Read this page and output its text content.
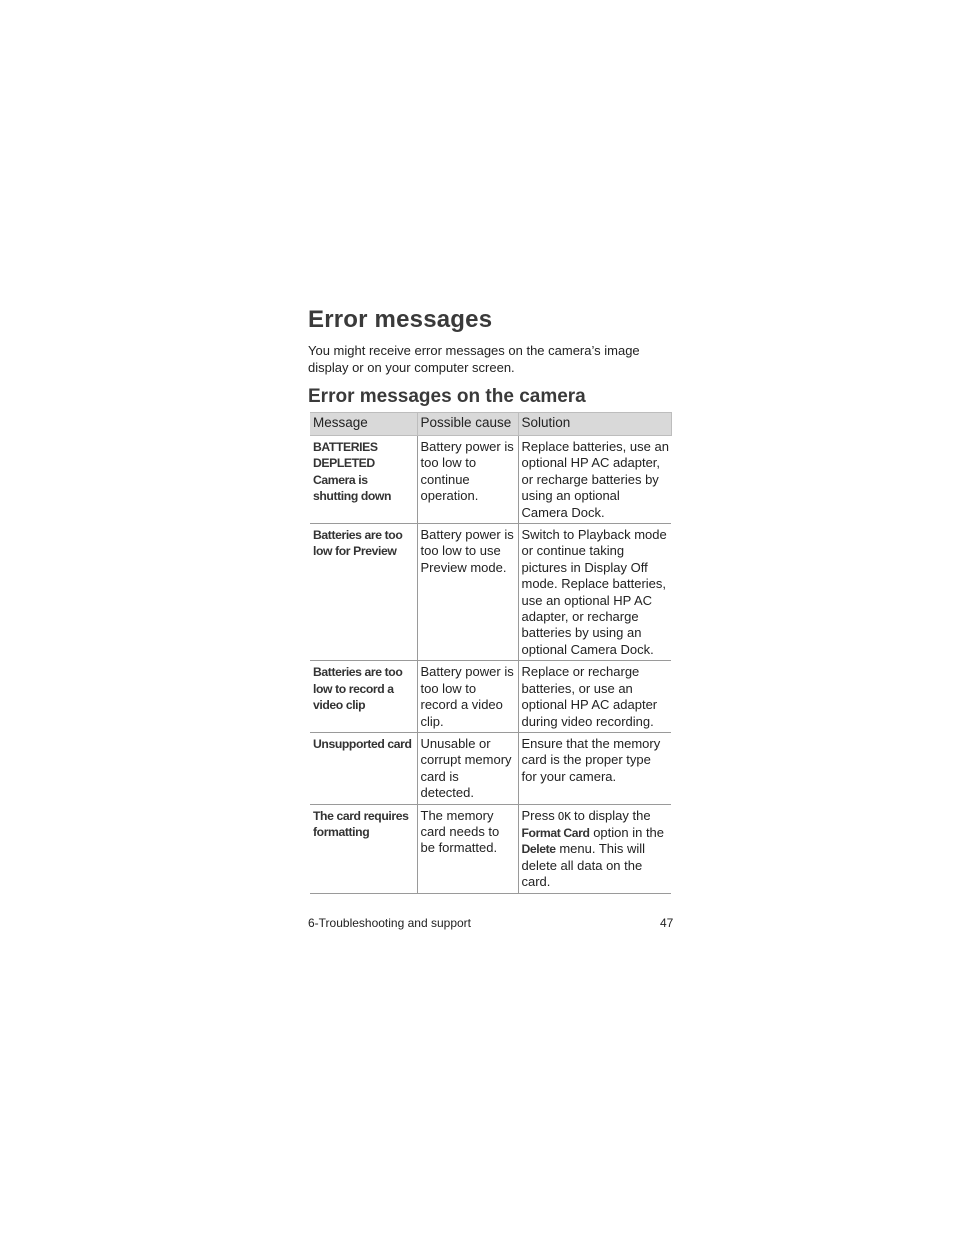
Error messages

You might receive error messages on the camera’s image display or on your computer screen.

Error messages on the camera
Message	Possible cause	Solution
BATTERIES DEPLETED Camera is shutting down	Battery power is too low to continue operation.	Replace batteries, use an optional HP AC adapter, or recharge batteries by using an optional Camera Dock.
Batteries are too low for Preview	Battery power is too low to use Preview mode.	Switch to Playback mode or continue taking pictures in Display Off mode. Replace batteries, use an optional HP AC adapter, or recharge batteries by using an optional Camera Dock.
Batteries are too low to record a video clip	Battery power is too low to record a video clip.	Replace or recharge batteries, or use an optional HP AC adapter during video recording.
Unsupported card	Unusable or corrupt memory card is detected.	Ensure that the memory card is the proper type for your camera.
The card requires formatting	The memory card needs to be formatted.	Press OK to display the Format Card option in the Delete menu. This will delete all data on the card.

6-Troubleshooting and support	47
